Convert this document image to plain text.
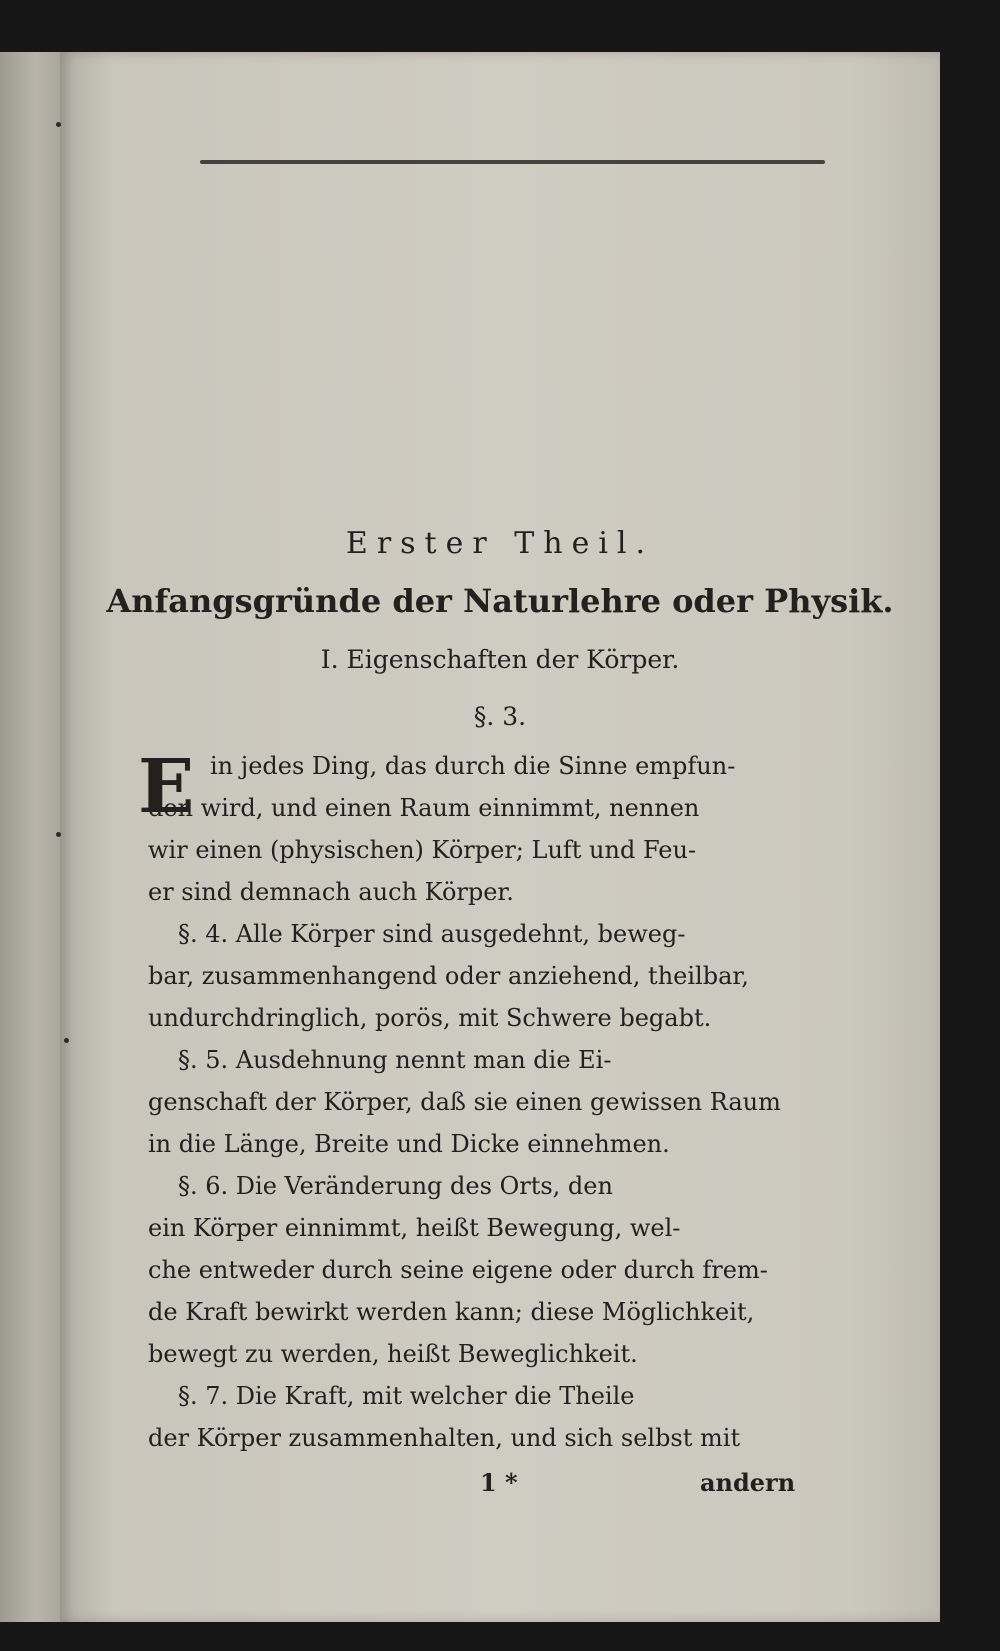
Erster Theil.
Anfangsgründe der Naturlehre oder Physik.
I. Eigenschaften der Körper.
§. 3.
E in jedes Ding, das durch die Sinne empfun-
den wird, und einen Raum einnimmt, nennen
wir einen (physischen) Körper; Luft und Feu-
er sind demnach auch Körper.
§. 4. Alle Körper sind ausgedehnt, beweg-
bar, zusammenhangend oder anziehend, theilbar,
undurchdringlich, porös, mit Schwere begabt.
§. 5. Ausdehnung nennt man die Ei-
genschaft der Körper, daß sie einen gewissen Raum
in die Länge, Breite und Dicke einnehmen.
§. 6. Die Veränderung des Orts, den
ein Körper einnimmt, heißt Bewegung, wel-
che entweder durch seine eigene oder durch frem-
de Kraft bewirkt werden kann; diese Möglichkeit,
bewegt zu werden, heißt Beweglichkeit.
§. 7. Die Kraft, mit welcher die Theile
der Körper zusammenhalten, und sich selbst mit
1 *	andern
